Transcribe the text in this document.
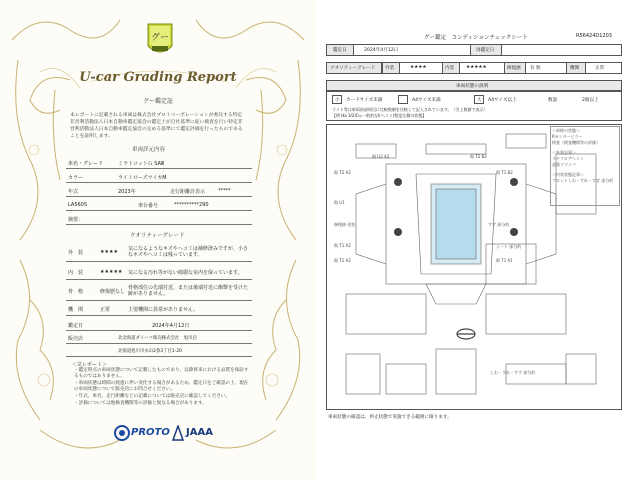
グー
U-car Grading Report
グー鑑定証
本レポートに記載される車両は株式会社プロトコーポレーションが委託する特定非営利活動法人日本自動車鑑定協会の鑑定士が自社基準に従い検査を行い特定非営利活動法人日本自動車鑑定協会の定める基準にて鑑定評価を行ったものであることを証明します。
車両詳元内容
車名・グレード	ミラトコットＧ SAⅢ
カラー	ライトローズマイカM
年式	2023年	走行距離計表示	*****
LA560S	車台番号	**********290
摘要：
クオリティーグレード
外　装	★★★★ 気になるようなキズやヘコミは補修済みですが、小さなキズやヘコミは残っています。
内　装	★★★★★ 気になる汚れ等がない綺麗な室内を保っています。
骨　格	修復歴なし
骨格部位の先端付近、または後端付近に衝撃を受けた跡がありません。
機　関	正常	主要機関に異常がありません。
鑑定日	2024年4月12日
販売店	北北海道ダイハツ販売株式会社　旭川店
北海道旭川市永山2条3丁目1-20
＜気レポート＞
・鑑定時点の車両状態について記載したものであり、以降将来における品質を保証するものではありません。
・車両状態は時間の経過に伴い変化する場合があるため、鑑定日をご確認の上、現在の車両状態について販売店にお問合せください。
・年式、車名、走行距離などの記載については販売店に確認してください。
・評価については他検査機関等の評価と異なる場合があります。
PROTO JAAA
グー鑑定　コンディションチェックシート	R56424D1203
鑑定日	2024年4月12日	再鑑定日
クオリティーグレード 外装	★★★★	内装	★★★★★	修復歴 有 無	機関	正常
車両状態の説明
小 カードサイズ未満	A4サイズ未満	大 A4サイズ以上	数量	2個以上
ライト等は車両前部周辺に比較数値を比較して記入されています。（引上数値で表示）
【例 Ha 3/2(I)=一般的なI(ヘコミ)程度左側の状態】
傷 U2 A2	傷 T2 B2
傷 T2 A2	傷 T1 B2
傷 U1
傷 T1 A2
傷 T1 A2
修理跡 塗装
傷 T1 A1
すず 部分的
しわ・すれ・すず 部分的
シート 部分的
＜車検の状態＞
Rモンターピラー
検査（検査機関等の評価）
＜外装記事＞
リヤフロアヘコミ
品質ソマイバ
＜内装状態記事＞
フロントしわ・すれ・すぎ 部分的
車両状態の確認は、停止状態で実施できる範囲に限ります。
